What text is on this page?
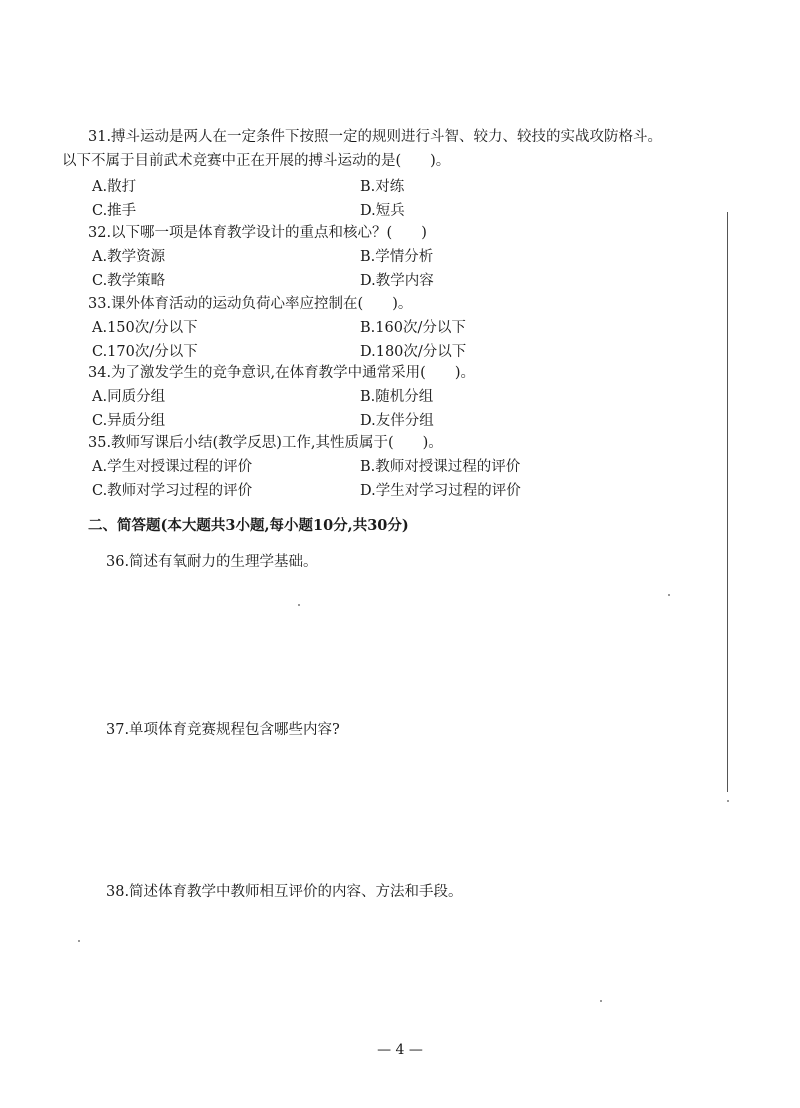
31.搏斗运动是两人在一定条件下按照一定的规则进行斗智、较力、较技的实战攻防格斗。
以下不属于目前武术竞赛中正在开展的搏斗运动的是(　　)。
A.散打	B.对练
C.推手	D.短兵
32.以下哪一项是体育教学设计的重点和核心？(　　)
A.教学资源	B.学情分析
C.教学策略	D.教学内容
33.课外体育活动的运动负荷心率应控制在(　　)。
A.150次/分以下	B.160次/分以下
C.170次/分以下	D.180次/分以下
34.为了激发学生的竞争意识,在体育教学中通常采用(　　)。
A.同质分组	B.随机分组
C.异质分组	D.友伴分组
35.教师写课后小结(教学反思)工作,其性质属于(　　)。
A.学生对授课过程的评价	B.教师对授课过程的评价
C.教师对学习过程的评价	D.学生对学习过程的评价
二、简答题(本大题共3小题,每小题10分,共30分)
36.简述有氧耐力的生理学基础。
37.单项体育竞赛规程包含哪些内容?
38.简述体育教学中教师相互评价的内容、方法和手段。
— 4 —
